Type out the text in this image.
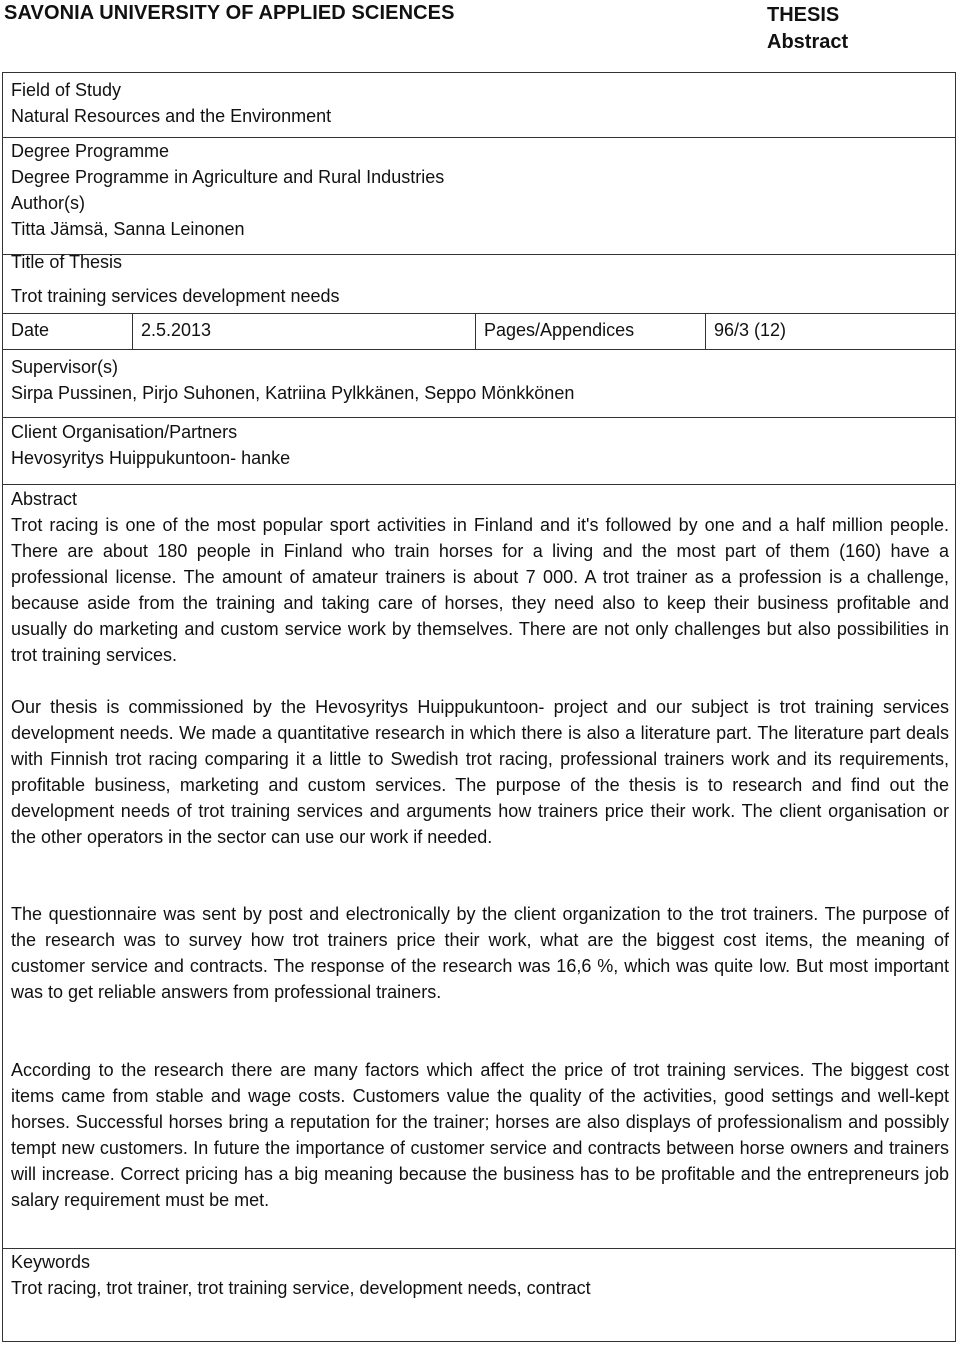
SAVONIA UNIVERSITY OF APPLIED SCIENCES	THESIS
Abstract
Field of Study
Natural Resources and the Environment
Degree Programme
Degree Programme in Agriculture and Rural Industries
Author(s)
Titta Jämsä, Sanna Leinonen
Title of Thesis
Trot training services development needs
Date	2.5.2013	Pages/Appendices	96/3 (12)
Supervisor(s)
Sirpa Pussinen, Pirjo Suhonen, Katriina Pylkkänen, Seppo Mönkkönen
Client Organisation/Partners
Hevosyritys Huippukuntoon- hanke
Abstract
Trot racing is one of the most popular sport activities in Finland and it's followed by one and a half million people. There are about 180 people in Finland who train horses for a living and the most part of them (160) have a professional license. The amount of amateur trainers is about 7 000. A trot trainer as a profession is a challenge, because aside from the training and taking care of horses, they need also to keep their business profitable and usually do marketing and custom service work by themselves. There are not only challenges but also possibilities in trot training services.
Our thesis is commissioned by the Hevosyritys Huippukuntoon- project and our subject is trot training services development needs. We made a quantitative research in which there is also a literature part. The literature part deals with Finnish trot racing comparing it a little to Swedish trot racing, professional trainers work and its requirements, profitable business, marketing and custom services. The purpose of the thesis is to research and find out the development needs of trot training services and arguments how trainers price their work. The client organisation or the other operators in the sector can use our work if needed.
The questionnaire was sent by post and electronically by the client organization to the trot trainers. The purpose of the research was to survey how trot trainers price their work, what are the biggest cost items, the meaning of customer service and contracts. The response of the research was 16,6 %, which was quite low. But most important was to get reliable answers from professional trainers.
According to the research there are many factors which affect the price of trot training services. The biggest cost items came from stable and wage costs. Customers value the quality of the activities, good settings and well-kept horses. Successful horses bring a reputation for the trainer; horses are also displays of professionalism and possibly tempt new customers. In future the importance of customer service and contracts between horse owners and trainers will increase. Correct pricing has a big meaning because the business has to be profitable and the entrepreneurs job salary requirement must be met.
Keywords
Trot racing, trot trainer, trot training service, development needs, contract
